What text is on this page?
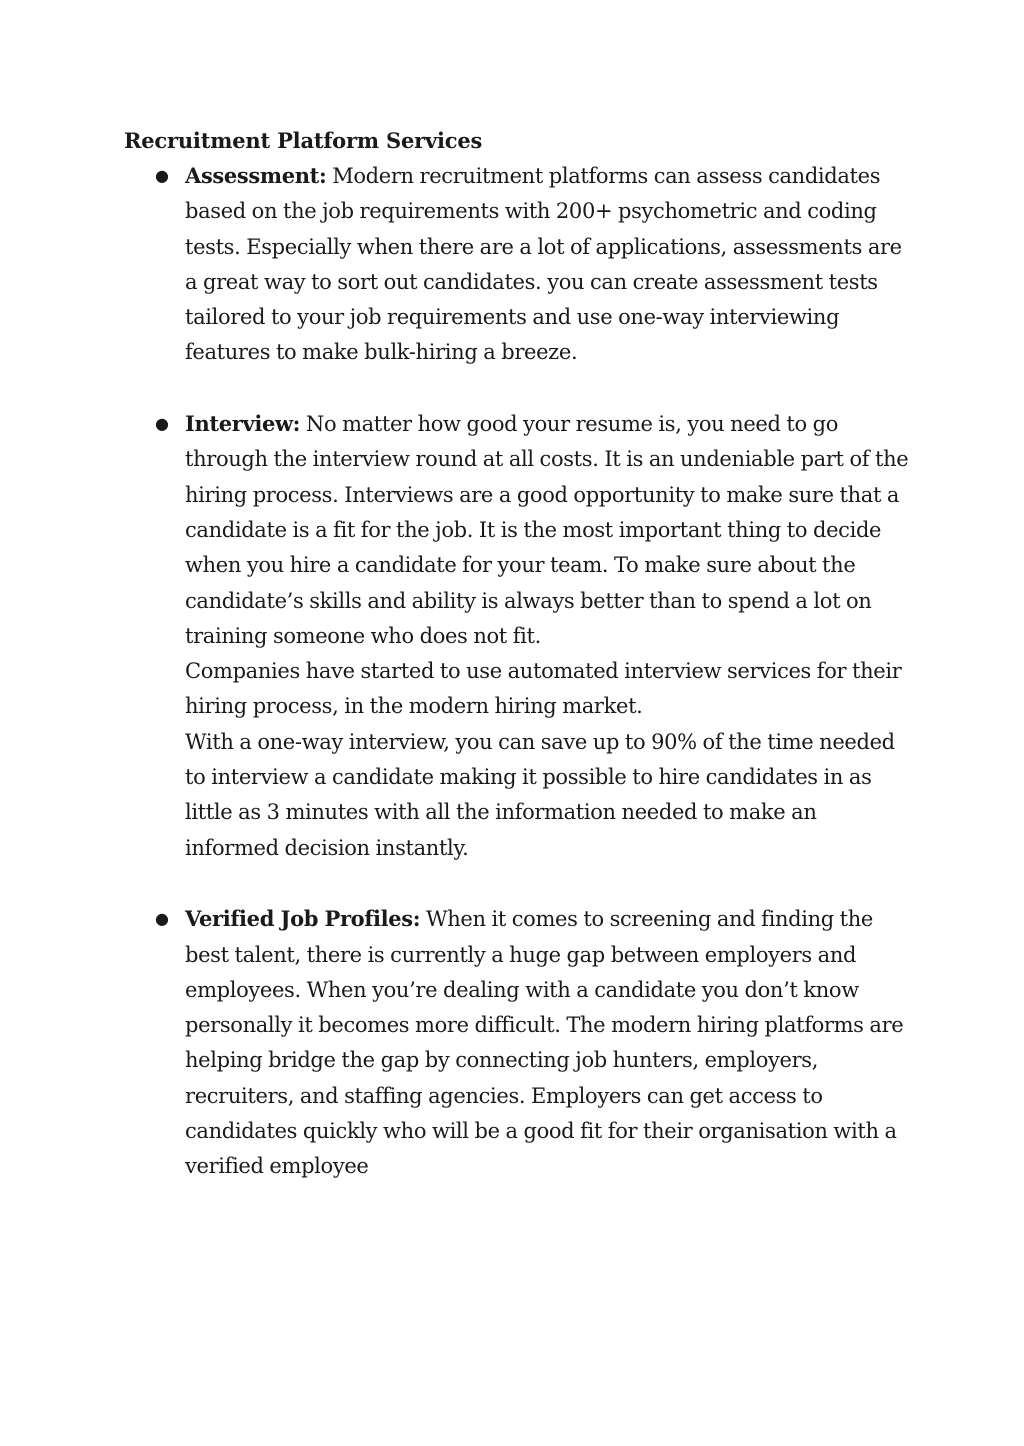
Recruitment Platform Services
● Assessment: Modern recruitment platforms can assess candidates based on the job requirements with 200+ psychometric and coding tests. Especially when there are a lot of applications, assessments are a great way to sort out candidates. you can create assessment tests tailored to your job requirements and use one-way interviewing features to make bulk-hiring a breeze.

● Interview: No matter how good your resume is, you need to go through the interview round at all costs. It is an undeniable part of the hiring process. Interviews are a good opportunity to make sure that a candidate is a fit for the job. It is the most important thing to decide when you hire a candidate for your team. To make sure about the candidate’s skills and ability is always better than to spend a lot on training someone who does not fit.

Companies have started to use automated interview services for their hiring process, in the modern hiring market.

With a one-way interview, you can save up to 90% of the time needed to interview a candidate making it possible to hire candidates in as little as 3 minutes with all the information needed to make an informed decision instantly.

● Verified Job Profiles: When it comes to screening and finding the best talent, there is currently a huge gap between employers and employees. When you’re dealing with a candidate you don’t know personally it becomes more difficult. The modern hiring platforms are helping bridge the gap by connecting job hunters, employers, recruiters, and staffing agencies. Employers can get access to candidates quickly who will be a good fit for their organisation with a verified employee
